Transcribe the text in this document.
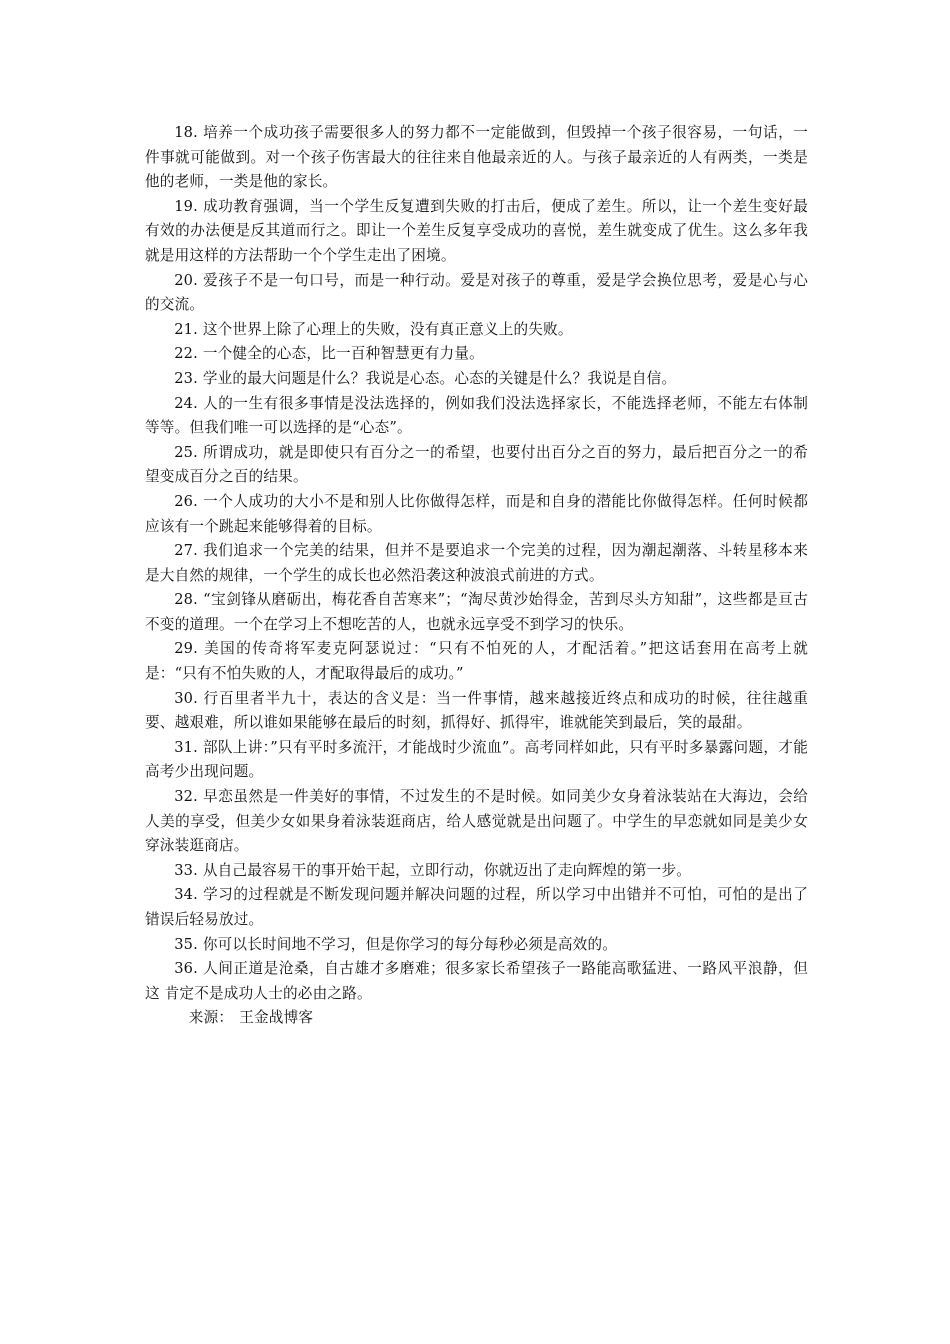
18. 培养一个成功孩子需要很多人的努力都不一定能做到，但毁掉一个孩子很容易，一句话，一件事就可能做到。对一个孩子伤害最大的往往来自他最亲近的人。与孩子最亲近的人有两类，一类是他的老师，一类是他的家长。

19. 成功教育强调，当一个学生反复遭到失败的打击后，便成了差生。所以，让一个差生变好最有效的办法便是反其道而行之。即让一个差生反复享受成功的喜悦，差生就变成了优生。这么多年我就是用这样的方法帮助一个个学生走出了困境。

20. 爱孩子不是一句口号，而是一种行动。爱是对孩子的尊重，爱是学会换位思考，爱是心与心的交流。

21. 这个世界上除了心理上的失败，没有真正意义上的失败。

22. 一个健全的心态，比一百种智慧更有力量。

23. 学业的最大问题是什么？我说是心态。心态的关键是什么？我说是自信。

24. 人的一生有很多事情是没法选择的，例如我们没法选择家长，不能选择老师，不能左右体制等等。但我们唯一可以选择的是“心态”。

25. 所谓成功，就是即使只有百分之一的希望，也要付出百分之百的努力，最后把百分之一的希望变成百分之百的结果。

26. 一个人成功的大小不是和别人比你做得怎样，而是和自身的潜能比你做得怎样。任何时候都应该有一个跳起来能够得着的目标。

27. 我们追求一个完美的结果，但并不是要追求一个完美的过程，因为潮起潮落、斗转星移本来是大自然的规律，一个学生的成长也必然沿袭这种波浪式前进的方式。

28. “宝剑锋从磨砺出，梅花香自苦寒来”；“淘尽黄沙始得金，苦到尽头方知甜”，这些都是亘古不变的道理。一个在学习上不想吃苦的人，也就永远享受不到学习的快乐。

29. 美国的传奇将军麦克阿瑟说过：“只有不怕死的人，才配活着。”把这话套用在高考上就是：“只有不怕失败的人，才配取得最后的成功。”

30. 行百里者半九十，表达的含义是：当一件事情，越来越接近终点和成功的时候，往往越重要、越艰难，所以谁如果能够在最后的时刻，抓得好、抓得牢，谁就能笑到最后，笑的最甜。

31. 部队上讲：”只有平时多流汗，才能战时少流血”。高考同样如此，只有平时多暴露问题，才能高考少出现问题。

32. 早恋虽然是一件美好的事情，不过发生的不是时候。如同美少女身着泳装站在大海边，会给人美的享受，但美少女如果身着泳装逛商店，给人感觉就是出问题了。中学生的早恋就如同是美少女穿泳装逛商店。

33. 从自己最容易干的事开始干起，立即行动，你就迈出了走向辉煌的第一步。

34. 学习的过程就是不断发现问题并解决问题的过程，所以学习中出错并不可怕，可怕的是出了错误后轻易放过。

35. 你可以长时间地不学习，但是你学习的每分每秒必须是高效的。

36. 人间正道是沧桑，自古雄才多磨难；很多家长希望孩子一路能高歌猛进、一路风平浪静，但这 肯定不是成功人士的必由之路。

来源： 王金战博客
